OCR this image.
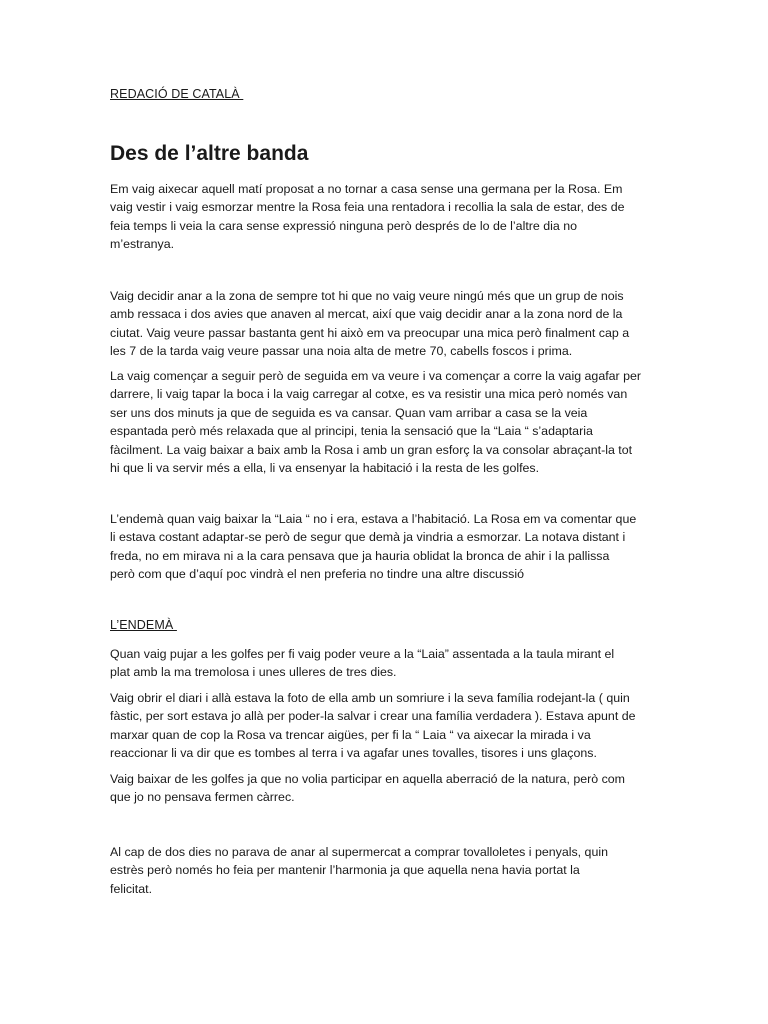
REDACIÓ DE CATALÀ
Des de l’altre banda

Em vaig aixecar aquell matí proposat a no tornar a casa sense una germana per la Rosa. Em
vaig vestir i vaig esmorzar mentre la Rosa feia una rentadora i recollia la sala de estar, des de
feia temps li veia la cara sense expressió ninguna però després de lo de l’altre dia no
m’estranya.

Vaig decidir anar a la zona de sempre tot hi que no vaig veure ningú més que un grup de nois
amb ressaca i dos avies que anaven al mercat, així que vaig decidir anar a la zona nord de la
ciutat. Vaig veure passar bastanta gent hi això em va preocupar una mica però finalment cap a
les 7 de la tarda vaig veure passar una noia alta de metre 70, cabells foscos i prima.

La vaig començar a seguir però de seguida em va veure i va començar a corre la vaig agafar per
darrere, li vaig tapar la boca i la vaig carregar al cotxe, es va resistir una mica però només van
ser uns dos minuts ja que de seguida es va cansar. Quan vam arribar a casa se la veia
espantada però més relaxada que al principi, tenia la sensació que la “Laia “ s’adaptaria
fàcilment. La vaig baixar a baix amb la Rosa i amb un gran esforç la va consolar abraçant-la tot
hi que li va servir més a ella, li va ensenyar la habitació i la resta de les golfes.

L’endemà quan vaig baixar la “Laia “ no i era, estava a l’habitació. La Rosa em va comentar que
li estava costant adaptar-se però de segur que demà ja vindria a esmorzar. La notava distant i
freda, no em mirava ni a la cara pensava que ja hauria oblidat la bronca de ahir i la pallissa
però com que d’aquí poc vindrà el nen preferia no tindre una altre discussió

L’ENDEMÀ

Quan vaig pujar a les golfes per fi vaig poder veure a la “Laia” assentada a la taula mirant el
plat amb la ma tremolosa i unes ulleres de tres dies.

Vaig obrir el diari i allà estava la foto de ella amb un somriure i la seva família rodejant-la ( quin
fàstic, per sort estava jo allà per poder-la salvar i crear una família verdadera ). Estava apunt de
marxar quan de cop la Rosa va trencar aigües, per fi la “ Laia “ va aixecar la mirada i va
reaccionar li va dir que es tombes al terra i va agafar unes tovalles, tisores i uns glaçons.

Vaig baixar de les golfes ja que no volia participar en aquella aberració de la natura, però com
que jo no pensava fermen càrrec.

Al cap de dos dies no parava de anar al supermercat a comprar tovalloletes i penyals, quin
estrès però només ho feia per mantenir l’harmonia ja que aquella nena havia portat la
felicitat.
